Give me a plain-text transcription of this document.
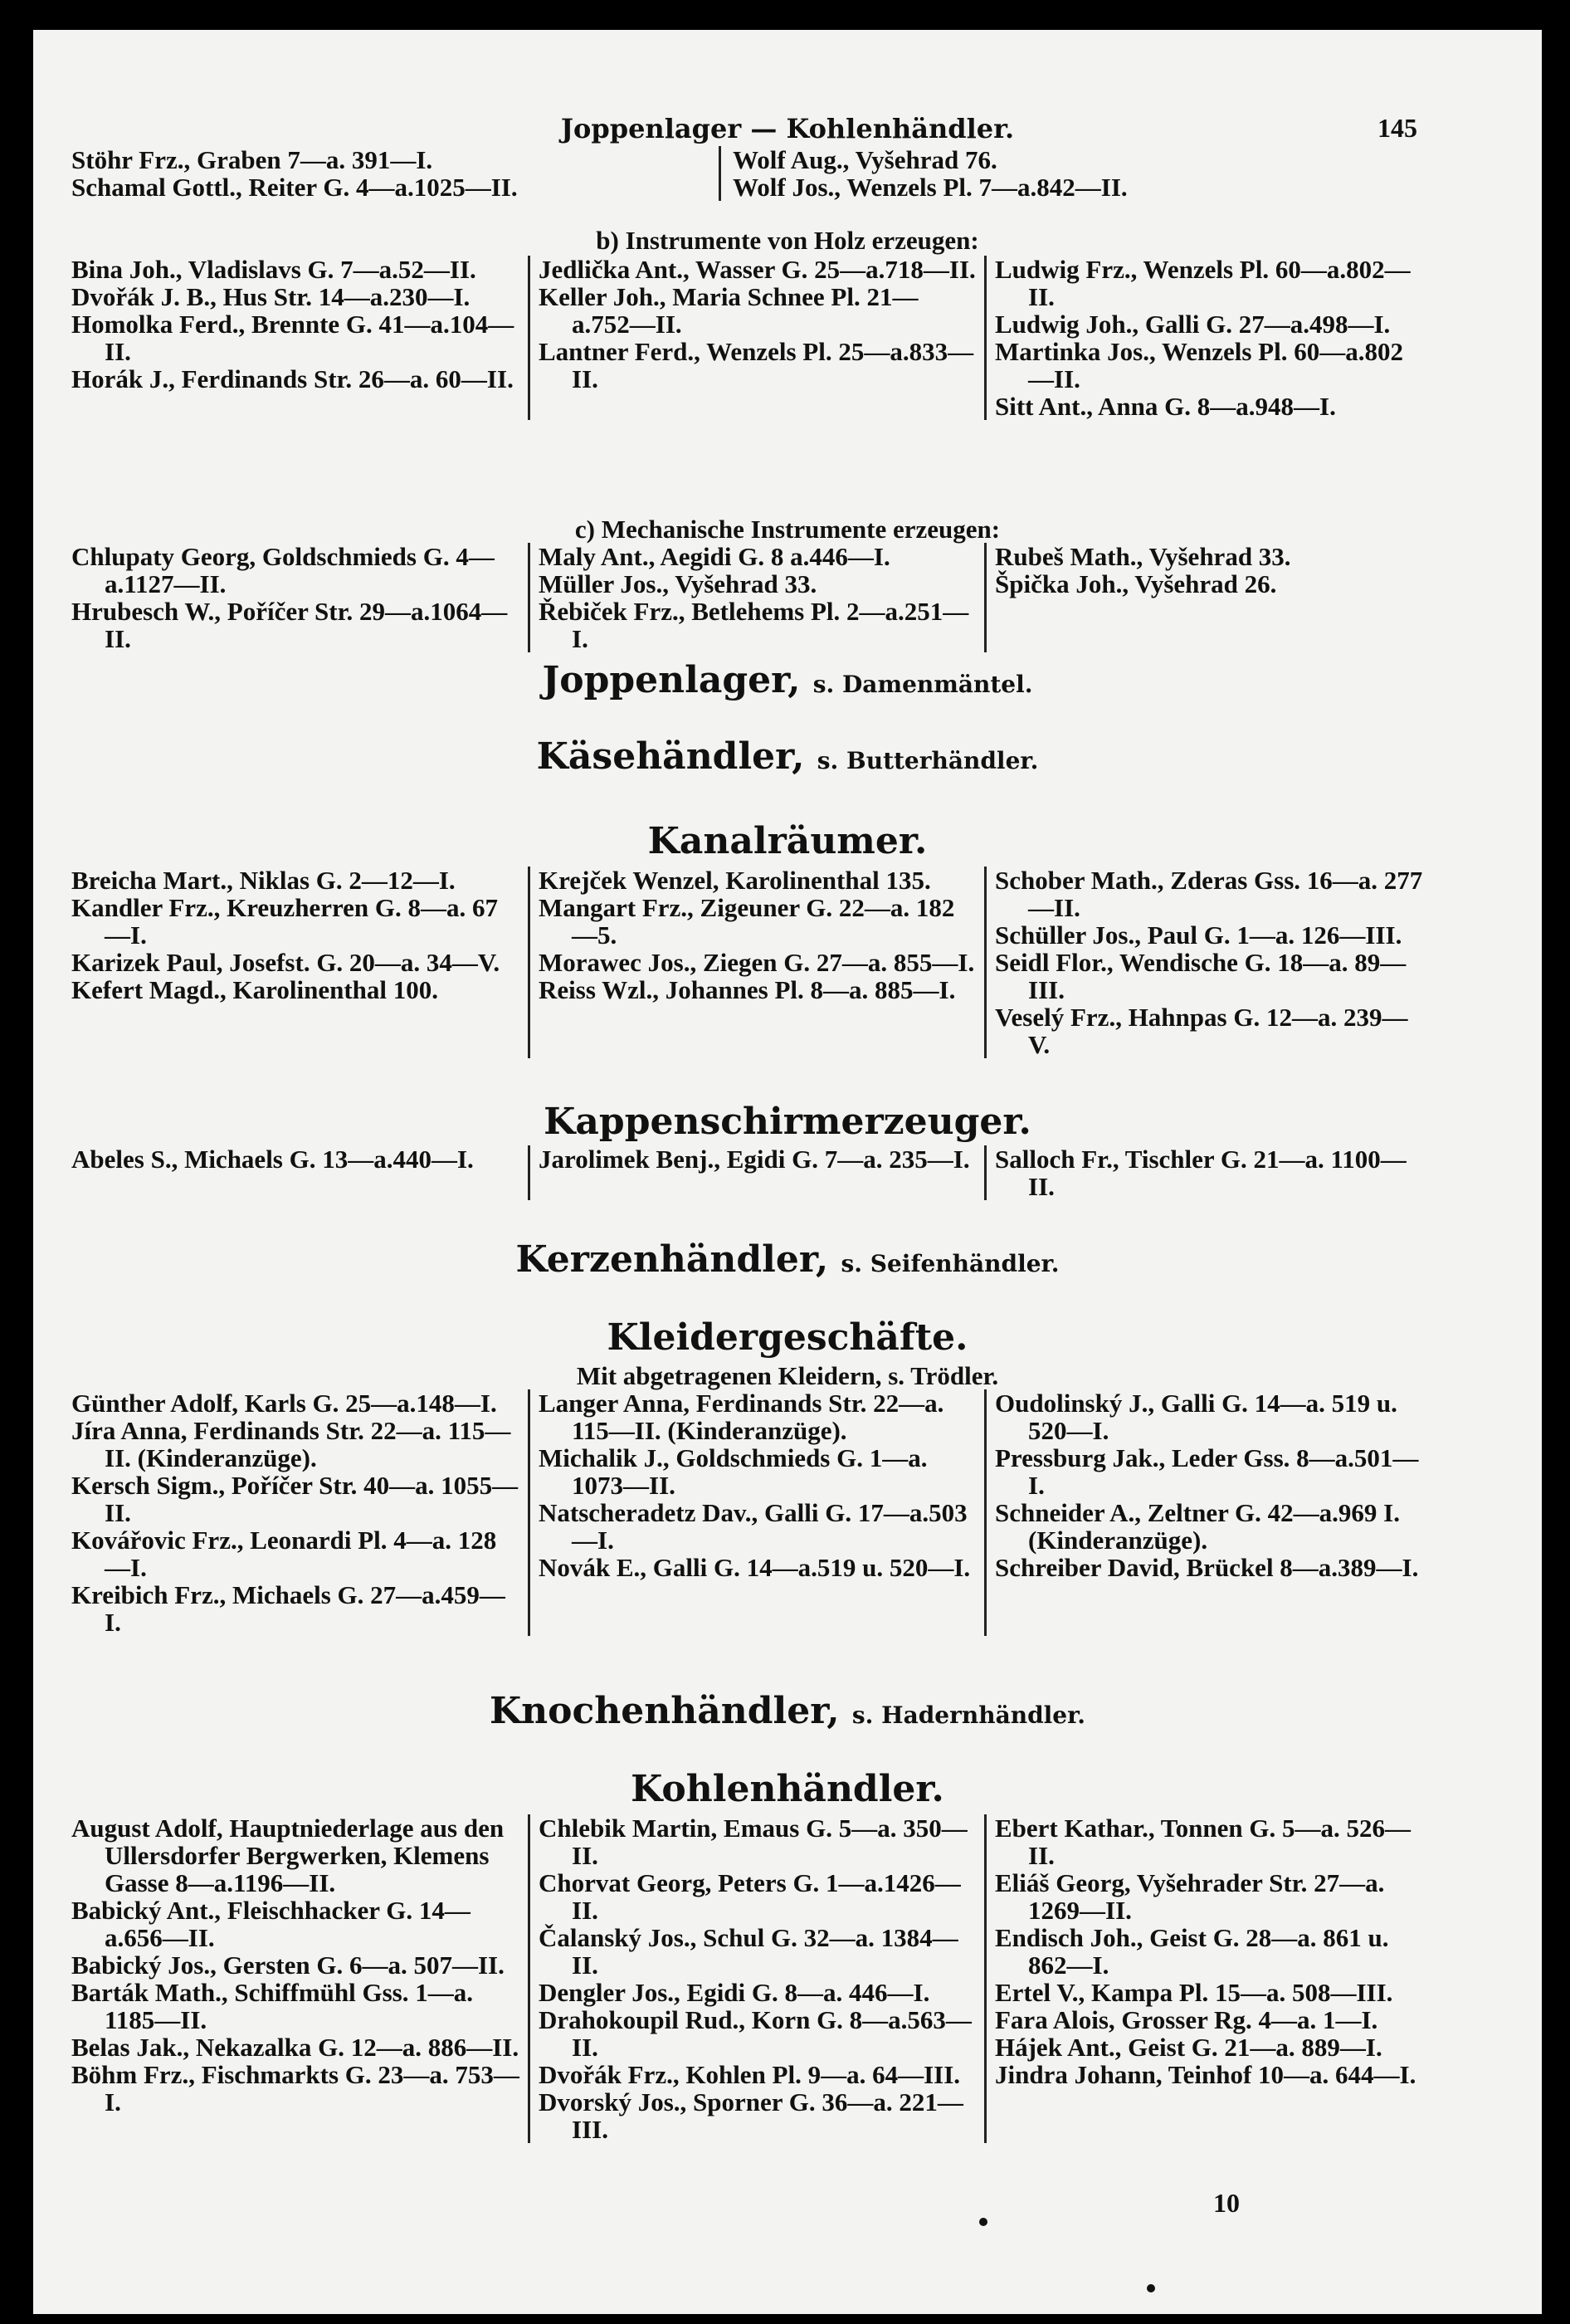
Joppenlager — Kohlenhändler.	145
Stöhr Frz., Graben 7—a. 391—I.
Schamal Gottl., Reiter G. 4—a.1025—II.
Wolf Aug., Vyšehrad 76.
Wolf Jos., Wenzels Pl. 7—a.842—II.
b) Instrumente von Holz erzeugen:
Bina Joh., Vladislavs G. 7—a.52—II.
Dvořák J. B., Hus Str. 14—a.230—I.
Homolka Ferd., Brennte G. 41—a.104—II.
Horák J., Ferdinands Str. 26—a. 60—II.
Jedlička Ant., Wasser G. 25—a.718—II.
Keller Joh., Maria Schnee Pl. 21—a.752—II.
Lantner Ferd., Wenzels Pl. 25—a.833—II.
Ludwig Frz., Wenzels Pl. 60—a.802—II.
Ludwig Joh., Galli G. 27—a.498—I.
Martinka Jos., Wenzels Pl. 60—a.802—II.
Sitt Ant., Anna G. 8—a.948—I.
c) Mechanische Instrumente erzeugen:
Chlupaty Georg, Goldschmieds G. 4—a.1127—II.
Hrubesch W., Poříčer Str. 29—a.1064—II.
Maly Ant., Aegidi G. 8 a.446—I.
Müller Jos., Vyšehrad 33.
Řebiček Frz., Betlehems Pl. 2—a.251—I.
Rubeš Math., Vyšehrad 33.
Špička Joh., Vyšehrad 26.
Joppenlager, s. Damenmäntel.
Käsehändler, s. Butterhändler.
Kanalräumer.
Breicha Mart., Niklas G. 2—12—I.
Kandler Frz., Kreuzherren G. 8—a. 67—I.
Karizek Paul, Josefst. G. 20—a. 34—V.
Kefert Magd., Karolinenthal 100.
Krejček Wenzel, Karolinenthal 135.
Mangart Frz., Zigeuner G. 22—a. 182—5.
Morawec Jos., Ziegen G. 27—a. 855—I.
Reiss Wzl., Johannes Pl. 8—a. 885—I.
Schober Math., Zderas Gss. 16—a. 277—II.
Schüller Jos., Paul G. 1—a. 126—III.
Seidl Flor., Wendische G. 18—a. 89—III.
Veselý Frz., Hahnpas G. 12—a. 239—V.
Kappenschirmerzeuger.
Abeles S., Michaels G. 13—a.440—I.	Jarolimek Benj., Egidi G. 7—a. 235—I. Salloch Fr., Tischler G. 21—a. 1100—II.
Kerzenhändler, s. Seifenhändler.
Kleidergeschäfte.
Mit abgetragenen Kleidern, s. Trödler.
Günther Adolf, Karls G. 25—a.148—I.
Jíra Anna, Ferdinands Str. 22—a. 115—II. (Kinderanzüge).
Kersch Sigm., Poříčer Str. 40—a. 1055—II.
Kovářovic Frz., Leonardi Pl. 4—a. 128—I.
Kreibich Frz., Michaels G. 27—a.459—I.
Langer Anna, Ferdinands Str. 22—a. 115—II. (Kinderanzüge).
Michalik J., Goldschmieds G. 1—a. 1073—II.
Natscheradetz Dav., Galli G. 17—a.503—I.
Novák E., Galli G. 14—a.519 u. 520—I.
Oudolinský J., Galli G. 14—a. 519 u. 520—I.
Pressburg Jak., Leder Gss. 8—a.501—I.
Schneider A., Zeltner G. 42—a.969 I. (Kinderanzüge).
Schreiber David, Brückel 8—a.389—I.
Knochenhändler, s. Hadernhändler.
Kohlenhändler.
August Adolf, Hauptniederlage aus den Ullersdorfer Bergwerken, Klemens Gasse 8—a.1196—II.
Babický Ant., Fleischhacker G. 14—a.656—II.
Babický Jos., Gersten G. 6—a. 507—II.
Barták Math., Schiffmühl Gss. 1—a. 1185—II.
Belas Jak., Nekazalka G. 12—a. 886—II.
Böhm Frz., Fischmarkts G. 23—a. 753—I.
Chlebik Martin, Emaus G. 5—a. 350—II.
Chorvat Georg, Peters G. 1—a.1426—II.
Čalanský Jos., Schul G. 32—a. 1384—II.
Dengler Jos., Egidi G. 8—a. 446—I.
Drahokoupil Rud., Korn G. 8—a.563—II.
Dvořák Frz., Kohlen Pl. 9—a. 64—III.
Dvorský Jos., Sporner G. 36—a. 221—III.
Ebert Kathar., Tonnen G. 5—a. 526—II.
Eliáš Georg, Vyšehrader Str. 27—a. 1269—II.
Endisch Joh., Geist G. 28—a. 861 u. 862—I.
Ertel V., Kampa Pl. 15—a. 508—III.
Fara Alois, Grosser Rg. 4—a. 1—I.
Hájek Ant., Geist G. 21—a. 889—I.
Jindra Johann, Teinhof 10—a. 644—I.
10
